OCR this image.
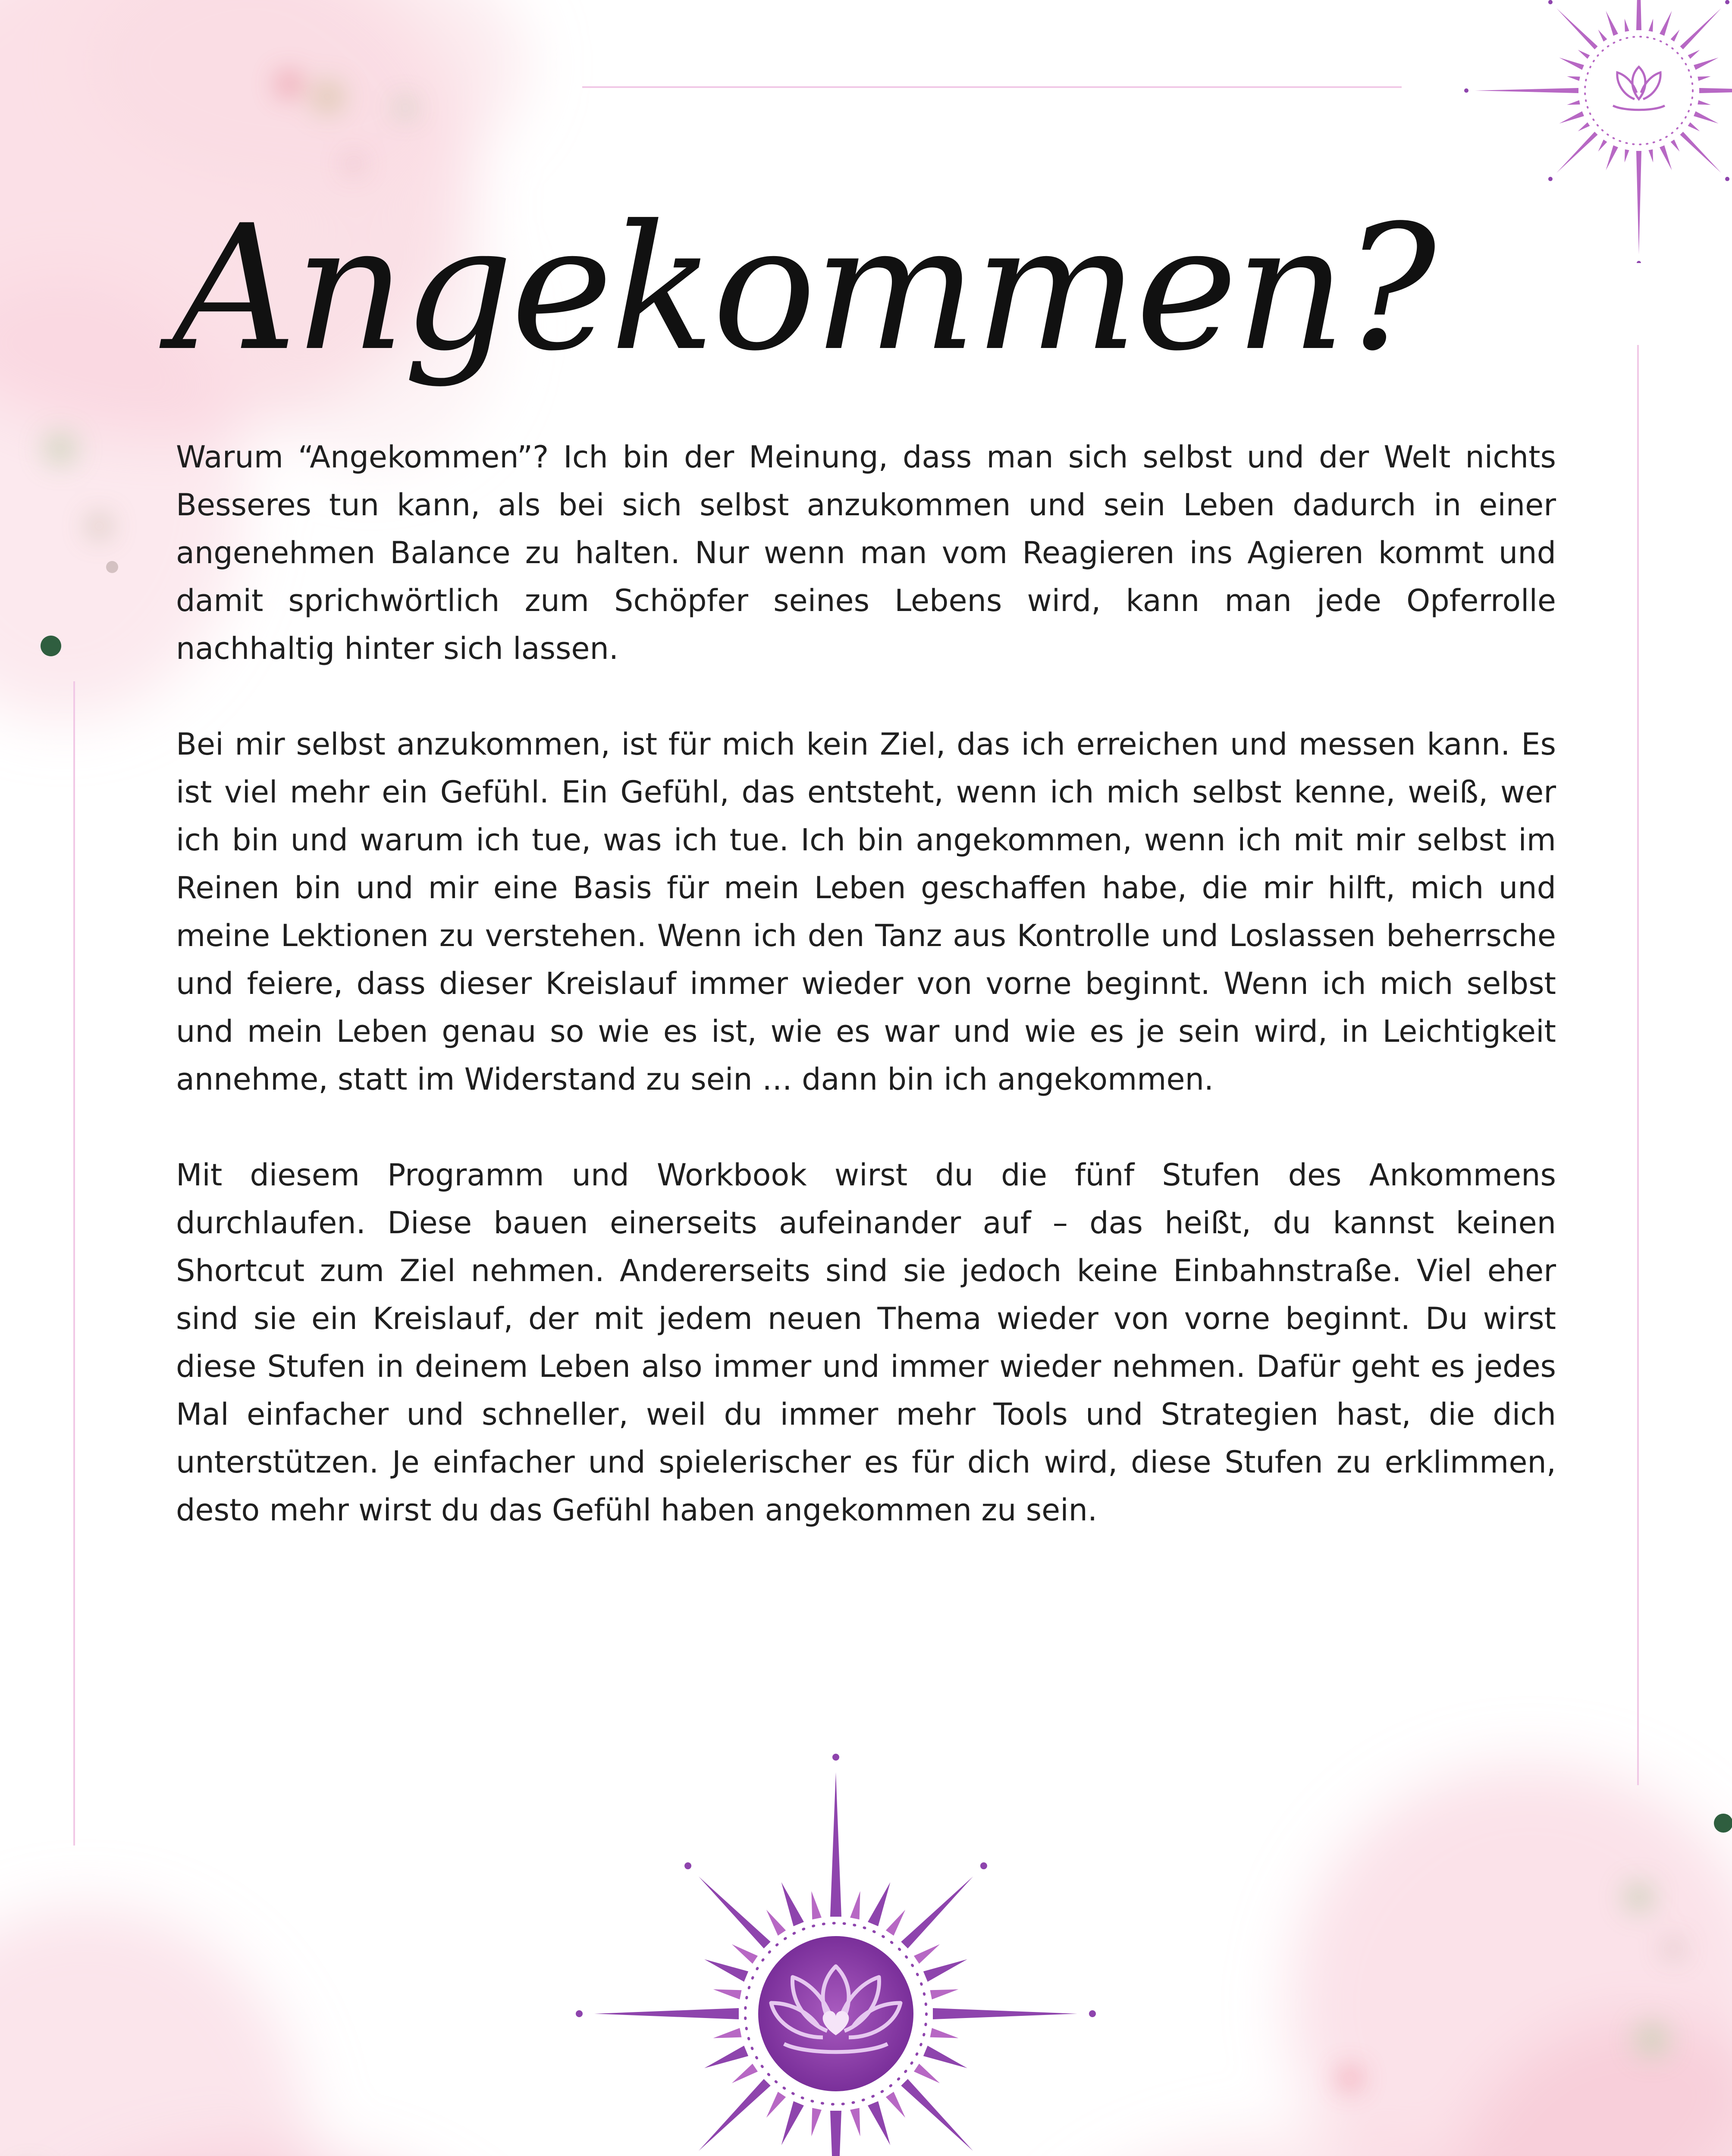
Angekommen?

Warum “Angekommen”? Ich bin der Meinung, dass man sich selbst und der Welt nichts Besseres tun kann, als bei sich selbst anzukommen und sein Leben dadurch in einer angenehmen Balance zu halten. Nur wenn man vom Reagieren ins Agieren kommt und damit sprichwörtlich zum Schöpfer seines Lebens wird, kann man jede Opferrolle nachhaltig hinter sich lassen.

Bei mir selbst anzukommen, ist für mich kein Ziel, das ich erreichen und messen kann. Es ist viel mehr ein Gefühl. Ein Gefühl, das entsteht, wenn ich mich selbst kenne, weiß, wer ich bin und warum ich tue, was ich tue. Ich bin angekommen, wenn ich mit mir selbst im Reinen bin und mir eine Basis für mein Leben geschaffen habe, die mir hilft, mich und meine Lektionen zu verstehen. Wenn ich den Tanz aus Kontrolle und Loslassen beherrsche und feiere, dass dieser Kreislauf immer wieder von vorne beginnt. Wenn ich mich selbst und mein Leben genau so wie es ist, wie es war und wie es je sein wird, in Leichtigkeit annehme, statt im Widerstand zu sein … dann bin ich angekommen.

Mit diesem Programm und Workbook wirst du die fünf Stufen des Ankommens durchlaufen. Diese bauen einerseits aufeinander auf – das heißt, du kannst keinen Shortcut zum Ziel nehmen. Andererseits sind sie jedoch keine Einbahnstraße. Viel eher sind sie ein Kreislauf, der mit jedem neuen Thema wieder von vorne beginnt. Du wirst diese Stufen in deinem Leben also immer und immer wieder nehmen. Dafür geht es jedes Mal einfacher und schneller, weil du immer mehr Tools und Strategien hast, die dich unterstützen. Je einfacher und spielerischer es für dich wird, diese Stufen zu erklimmen, desto mehr wirst du das Gefühl haben angekommen zu sein.
